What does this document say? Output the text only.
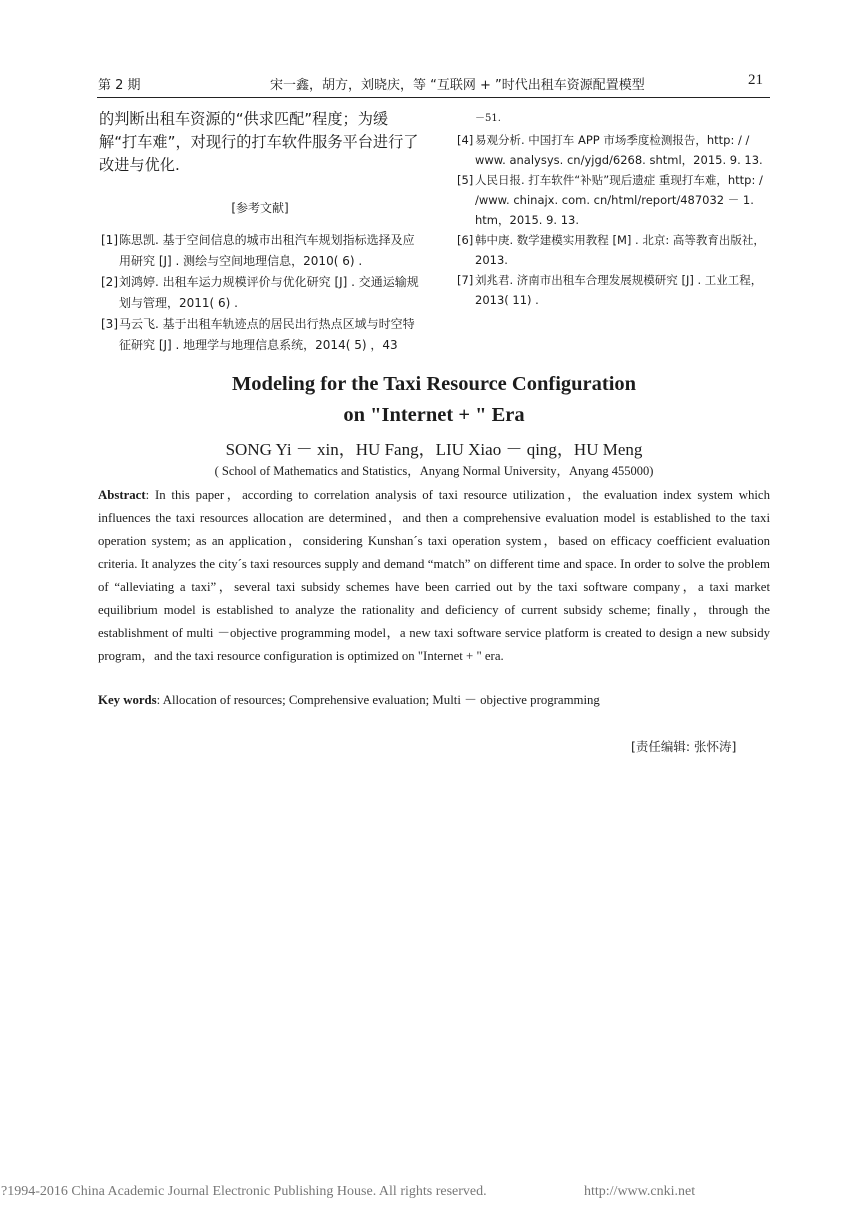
第 2 期	宋一鑫，胡方，刘晓庆，等 “互联网 + ”时代出租车资源配置模型	21

的判断出租车资源的“供求匹配”程度；为缓解“打车难”，对现行的打车软件服务平台进行了改进与优化.

[参考文献]
[1] 陈思凯. 基于空间信息的城市出租汽车规划指标选择及应用研究 [J] . 测绘与空间地理信息，2010( 6) .
[2] 刘鸿婷. 出租车运力规模评价与优化研究 [J] . 交通运输规划与管理，2011( 6) .
[3] 马云飞. 基于出租车轨迹点的居民出行热点区域与时空特征研究 [J] . 地理学与地理信息系统，2014( 5) ，43
－51.
[4] 易观分析. 中国打车 APP 市场季度检测报告，http: / / www. analysys. cn/yjgd/6268. shtml，2015. 9. 13.
[5] 人民日报. 打车软件“补贴”现后遗症 重现打车难，http: / /www. chinajx. com. cn/html/report/487032 － 1. htm，2015. 9. 13.
[6] 韩中庚. 数学建模实用教程 [M] . 北京: 高等教育出版社，2013.
[7] 刘兆君. 济南市出租车合理发展规模研究 [J] . 工业工程，2013( 11) .
Modeling for the Taxi Resource Configuration
on "Internet + " Era
SONG Yi － xin，HU Fang，LIU Xiao － qing，HU Meng
( School of Mathematics and Statistics，Anyang Normal University，Anyang 455000)

Abstract: In this paper，according to correlation analysis of taxi resource utilization，the evaluation index system which influences the taxi resources allocation are determined，and then a comprehensive evaluation model is established to the taxi operation system; as an application，considering Kunshan´s taxi operation system，based on efficacy coefficient evaluation criteria. It analyzes the city´s taxi resources supply and demand “match” on different time and space. In order to solve the problem of “alleviating a taxi”，several taxi subsidy schemes have been carried out by the taxi software company，a taxi market equilibrium model is established to analyze the rationality and deficiency of current subsidy scheme; finally，through the establishment of multi －objective programming model，a new taxi software service platform is created to design a new subsidy program，and the taxi resource configuration is optimized on "Internet + " era.

Key words: Allocation of resources; Comprehensive evaluation; Multi － objective programming

[责任编辑: 张怀涛]
?1994-2016 China Academic Journal Electronic Publishing House. All rights reserved.	http://www.cnki.net
